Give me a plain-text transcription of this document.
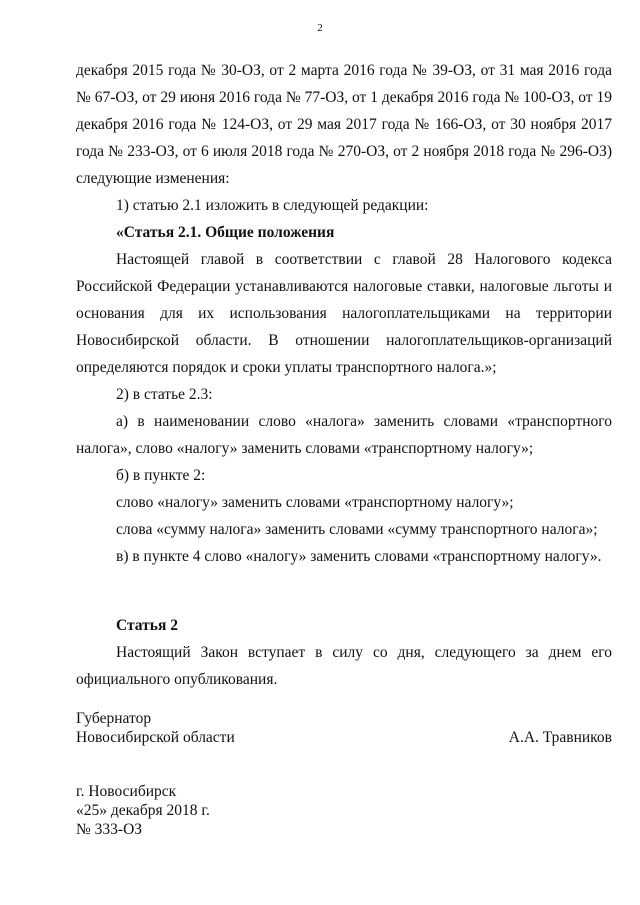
2

декабря 2015 года № 30-ОЗ, от 2 марта 2016 года № 39-ОЗ, от 31 мая 2016 года № 67-ОЗ, от 29 июня 2016 года № 77-ОЗ, от 1 декабря 2016 года № 100-ОЗ, от 19 декабря 2016 года № 124-ОЗ, от 29 мая 2017 года № 166-ОЗ, от 30 ноября 2017 года № 233-ОЗ, от 6 июля 2018 года № 270-ОЗ, от 2 ноября 2018 года № 296-ОЗ) следующие изменения:

1) статью 2.1 изложить в следующей редакции:

«Статья 2.1. Общие положения

Настоящей главой в соответствии с главой 28 Налогового кодекса Российской Федерации устанавливаются налоговые ставки, налоговые льготы и основания для их использования налогоплательщиками на территории Новосибирской области. В отношении налогоплательщиков-организаций определяются порядок и сроки уплаты транспортного налога.»;

2) в статье 2.3:

а) в наименовании слово «налога» заменить словами «транспортного налога», слово «налогу» заменить словами «транспортному налогу»;

б) в пункте 2:

слово «налогу» заменить словами «транспортному налогу»;

слова «сумму налога» заменить словами «сумму транспортного налога»;

в) в пункте 4 слово «налогу» заменить словами «транспортному налогу».

Статья 2

Настоящий Закон вступает в силу со дня, следующего за днем его официального опубликования.

Губернатор
Новосибирской области	А.А. Травников
г. Новосибирск
«25» декабря 2018 г.
№ 333-ОЗ
